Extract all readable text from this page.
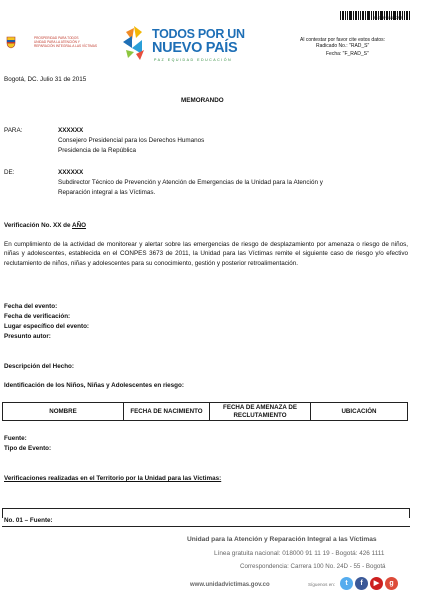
PROSPERIDAD PARA TODOS
UNIDAD PARA LA ATENCIÓN Y
REPARACIÓN INTEGRAL A LAS VÍCTIMAS
TODOS POR UN
NUEVO PAÍS
PAZ EQUIDAD EDUCACIÓN
F-GAP-016-CAR
Al contestar por favor cite estos datos:
Radicado No.: "RAD_S"
Fecha: "F_RAD_S"
Bogotá, DC. Julio 31 de 2015
MEMORANDO
PARA:	XXXXXX
Consejero Presidencial para los Derechos Humanos
Presidencia de la República
DE:	XXXXXX
Subdirector Técnico de Prevención y Atención de Emergencias de la Unidad para la Atención y
Reparación integral a las Víctimas.
Verificación No. XX de AÑO
En cumplimiento de la actividad de monitorear y alertar sobre las emergencias de riesgo de desplazamiento por amenaza o riesgo de niños, niñas y adolescentes, establecida en el CONPES 3673 de 2011, la Unidad para las Víctimas remite el siguiente caso de riesgo y/o efectivo reclutamiento de niños, niñas y adolescentes para su conocimiento, gestión y posterior retroalimentación.
Fecha del evento:
Fecha de verificación:
Lugar específico del evento:
Presunto autor:
Descripción del Hecho:
Identificación de los Niños, Niñas y Adolescentes en riesgo:
NOMBRE	FECHA DE NACIMIENTO	FECHA DE AMENAZA DE RECLUTAMIENTO	UBICACIÓN
Fuente:
Tipo de Evento:
Verificaciones realizadas en el Territorio por la Unidad para las Víctimas:
No. 01 – Fuente:
Unidad para la Atención y Reparación Integral a las Víctimas
Línea gratuita nacional: 018000 91 11 19 - Bogotá: 426 1111
Correspondencia: Carrera 100 No. 24D - 55 - Bogotá
www.unidadvictimas.gov.co	Síguenos en:	t	f	▶	g
